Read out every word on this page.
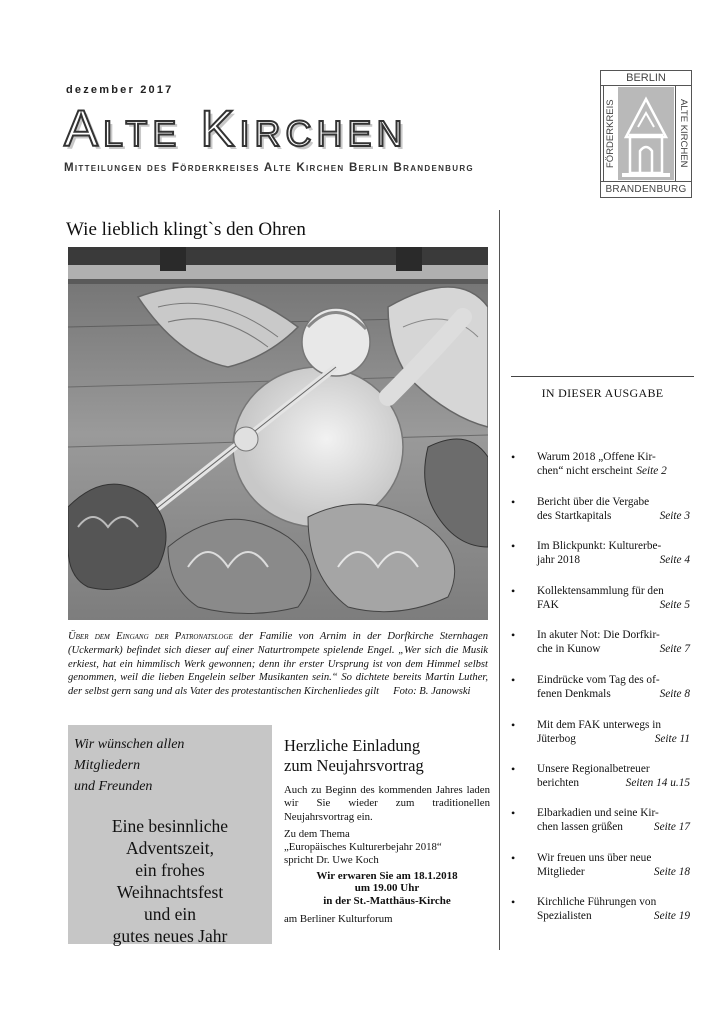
dezember 2017
Alte Kirchen
Mitteilungen des Förderkreises Alte Kirchen Berlin Brandenburg
BERLIN
FÖRDERKREIS	ALTE KIRCHEN
BRANDENBURG
Wie lieblich klingt`s den Ohren
Über dem Eingang der Patronatsloge der Familie von Arnim in der Dorfkirche Sternhagen (Uckermark) befindet sich dieser auf einer Naturtrompete spielende Engel. „Wer sich die Musik erkiest, hat ein himmlisch Werk gewonnen; denn ihr erster Ursprung ist von dem Himmel selbst genommen, weil die lieben Engelein selber Musikanten sein.“ So dichtete bereits Martin Luther, der selbst gern sang und als Vater des protestantischen Kirchenliedes gilt Foto: B. Janowski
Wir wünschen allen
Mitgliedern
und Freunden
Eine besinnliche
Adventszeit,
ein frohes
Weihnachtsfest
und ein
gutes neues Jahr
Herzliche Einladung
zum Neujahrsvortrag

Auch zu Beginn des kommenden Jahres laden wir Sie wieder zum traditionellen Neujahrsvortrag ein.

Zu dem Thema
„Europäisches Kulturerbejahr 2018“
spricht Dr. Uwe Koch
Wir erwaren Sie am 18.1.2018
um 19.00 Uhr
in der St.-Matthäus-Kirche
am Berliner Kulturforum
IN DIESER AUSGABE
• Warum 2018 „Offene Kir-
chen“ nicht erscheint Seite 2
• Bericht über die Vergabe
des Startkapitals	Seite 3
• Im Blickpunkt: Kulturerbe-
jahr 2018	Seite 4
• Kollektensammlung für den
FAK	Seite 5
• In akuter Not: Die Dorfkir-
che in Kunow	Seite 7
• Eindrücke vom Tag des of-
fenen Denkmals	Seite 8
• Mit dem FAK unterwegs in
Jüterbog	Seite 11
• Unsere Regionalbetreuer
berichten	Seiten 14 u.15
• Elbarkadien und seine Kir-
chen lassen grüßen	Seite 17
• Wir freuen uns über neue
Mitglieder	Seite 18
• Kirchliche Führungen von
Spezialisten	Seite 19
